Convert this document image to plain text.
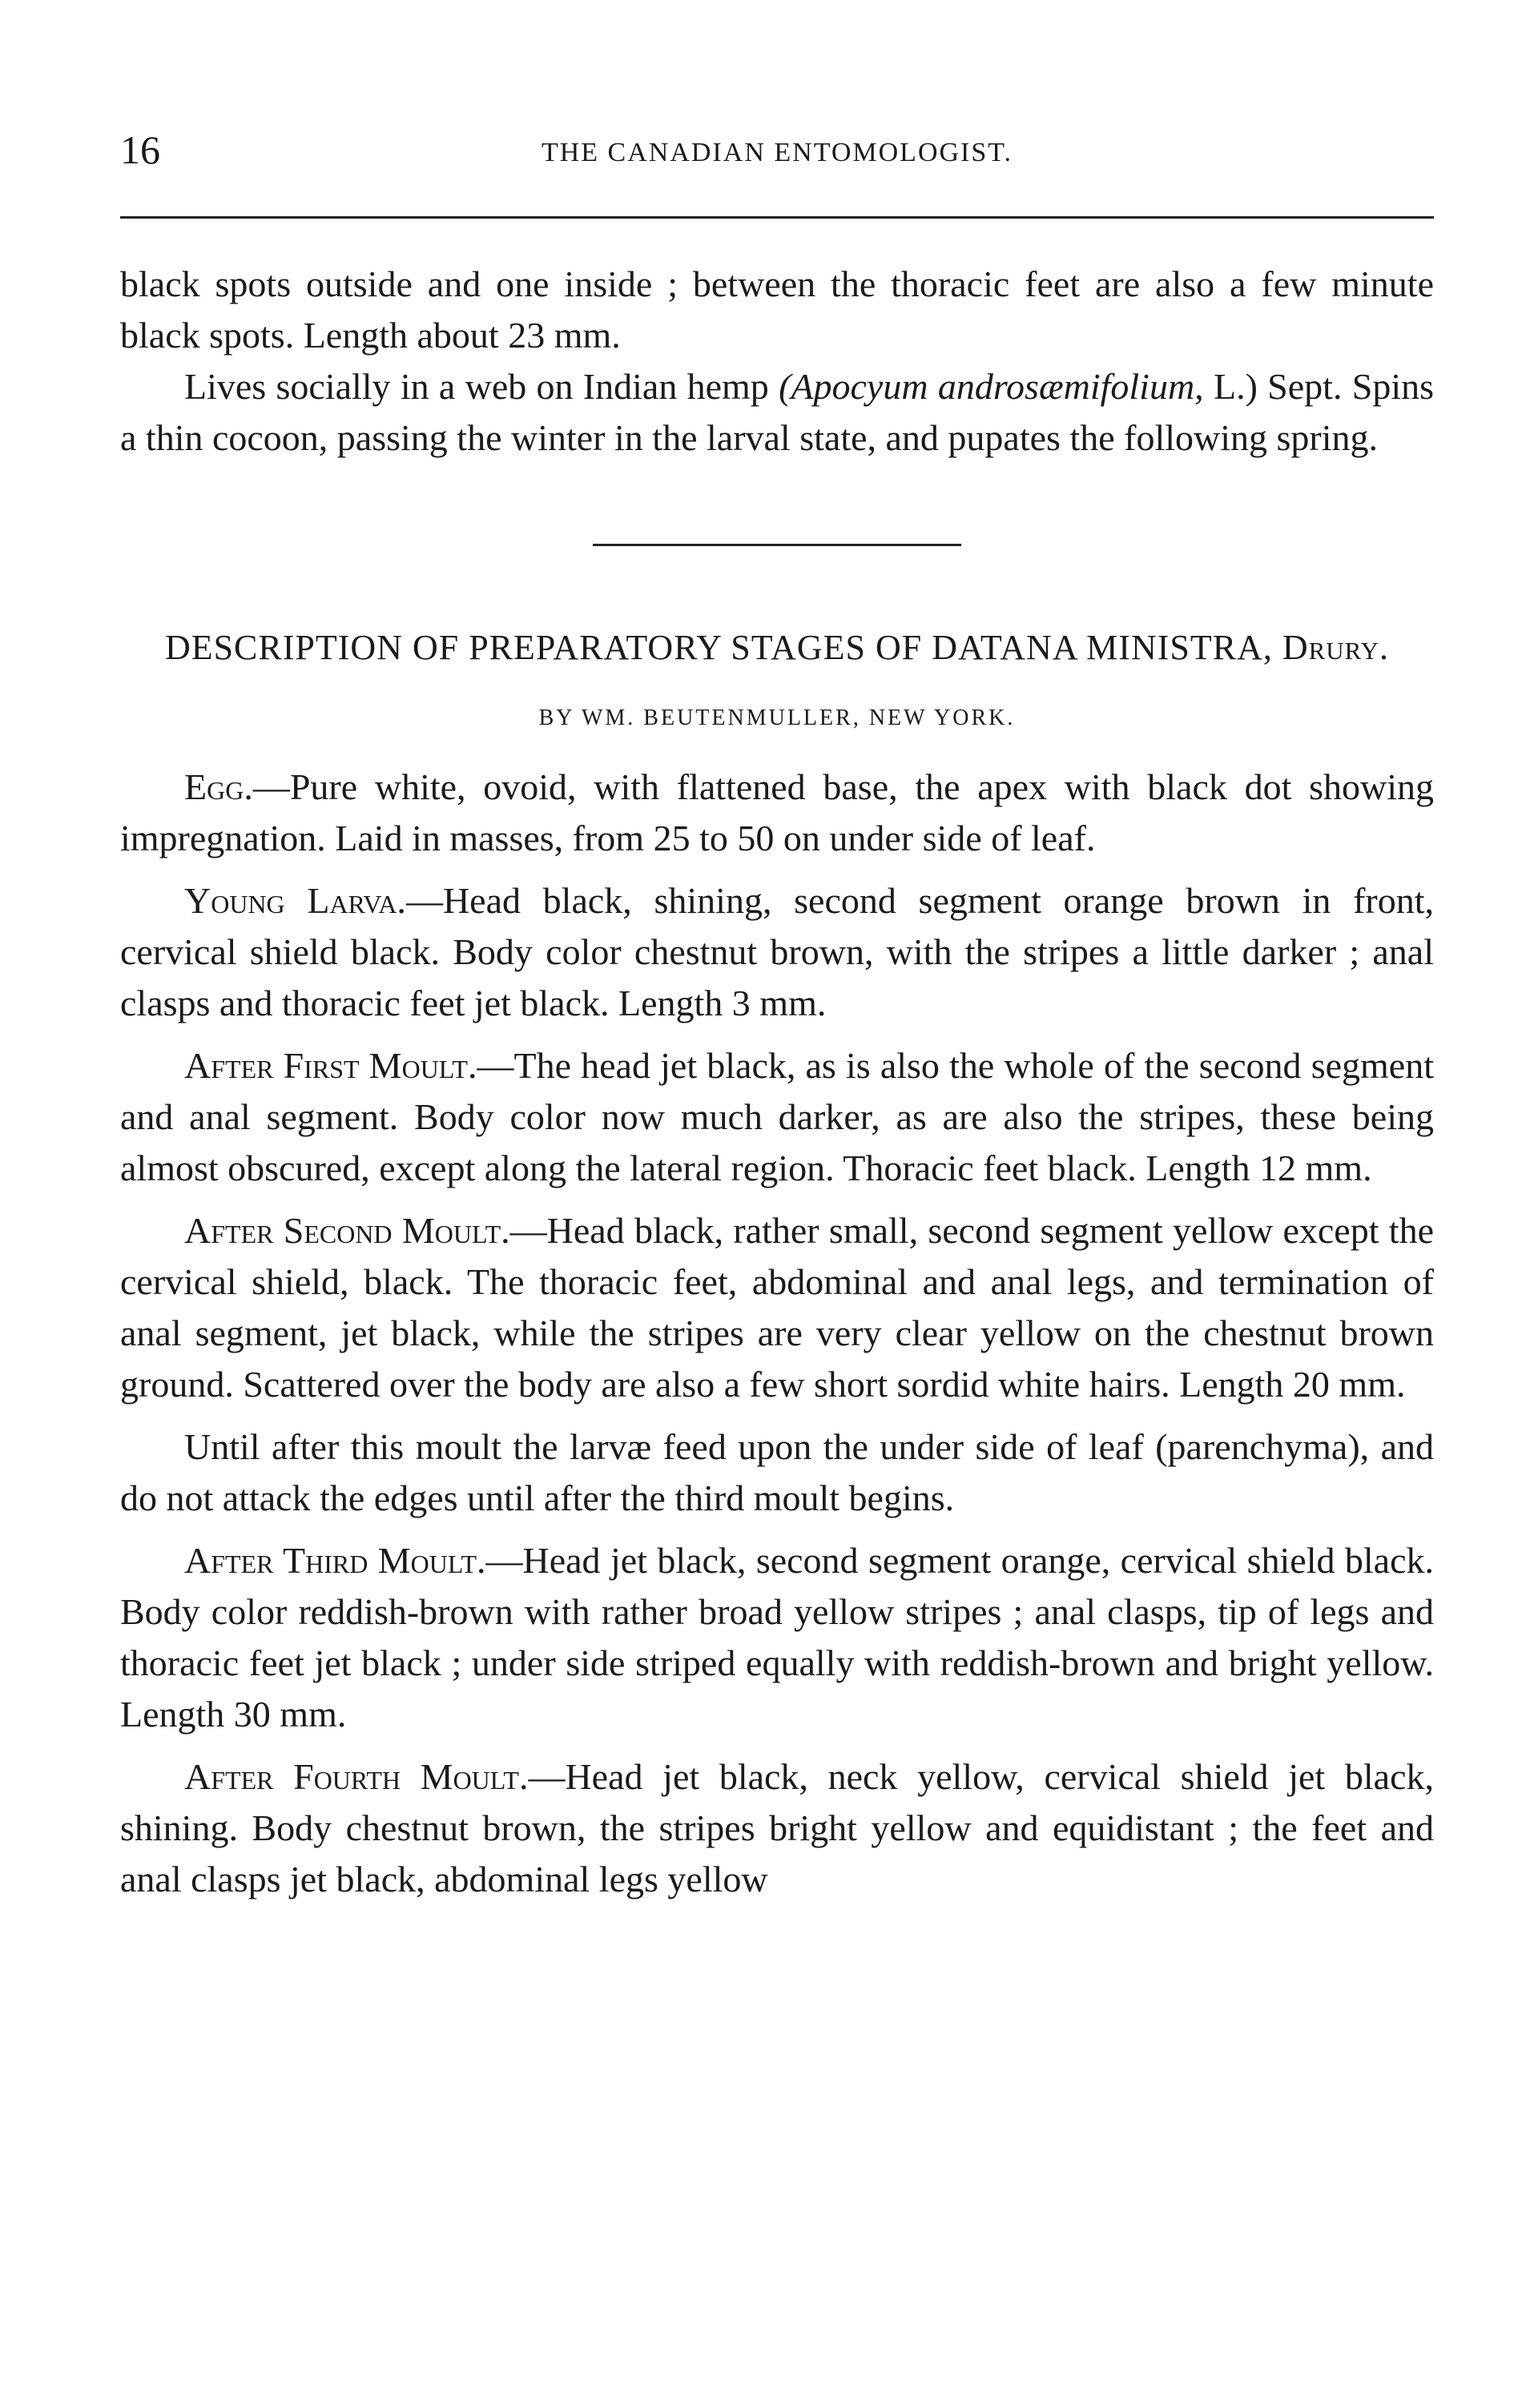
16	THE CANADIAN ENTOMOLOGIST.

black spots outside and one inside ; between the thoracic feet are also a few minute black spots. Length about 23 mm.

Lives socially in a web on Indian hemp (Apocyum androsæmifolium, L.) Sept. Spins a thin cocoon, passing the winter in the larval state, and pupates the following spring.

DESCRIPTION OF PREPARATORY STAGES OF DATANA MINISTRA, Drury.
BY WM. BEUTENMULLER, NEW YORK.

Egg.—Pure white, ovoid, with flattened base, the apex with black dot showing impregnation. Laid in masses, from 25 to 50 on under side of leaf.

Young Larva.—Head black, shining, second segment orange brown in front, cervical shield black. Body color chestnut brown, with the stripes a little darker ; anal clasps and thoracic feet jet black. Length 3 mm.

After First Moult.—The head jet black, as is also the whole of the second segment and anal segment. Body color now much darker, as are also the stripes, these being almost obscured, except along the lateral region. Thoracic feet black. Length 12 mm.

After Second Moult.—Head black, rather small, second segment yellow except the cervical shield, black. The thoracic feet, abdominal and anal legs, and termination of anal segment, jet black, while the stripes are very clear yellow on the chestnut brown ground. Scattered over the body are also a few short sordid white hairs. Length 20 mm.

Until after this moult the larvæ feed upon the under side of leaf (parenchyma), and do not attack the edges until after the third moult begins.

After Third Moult.—Head jet black, second segment orange, cervical shield black. Body color reddish-brown with rather broad yellow stripes ; anal clasps, tip of legs and thoracic feet jet black ; under side striped equally with reddish-brown and bright yellow. Length 30 mm.

After Fourth Moult.—Head jet black, neck yellow, cervical shield jet black, shining. Body chestnut brown, the stripes bright yellow and equidistant ; the feet and anal clasps jet black, abdominal legs yellow
